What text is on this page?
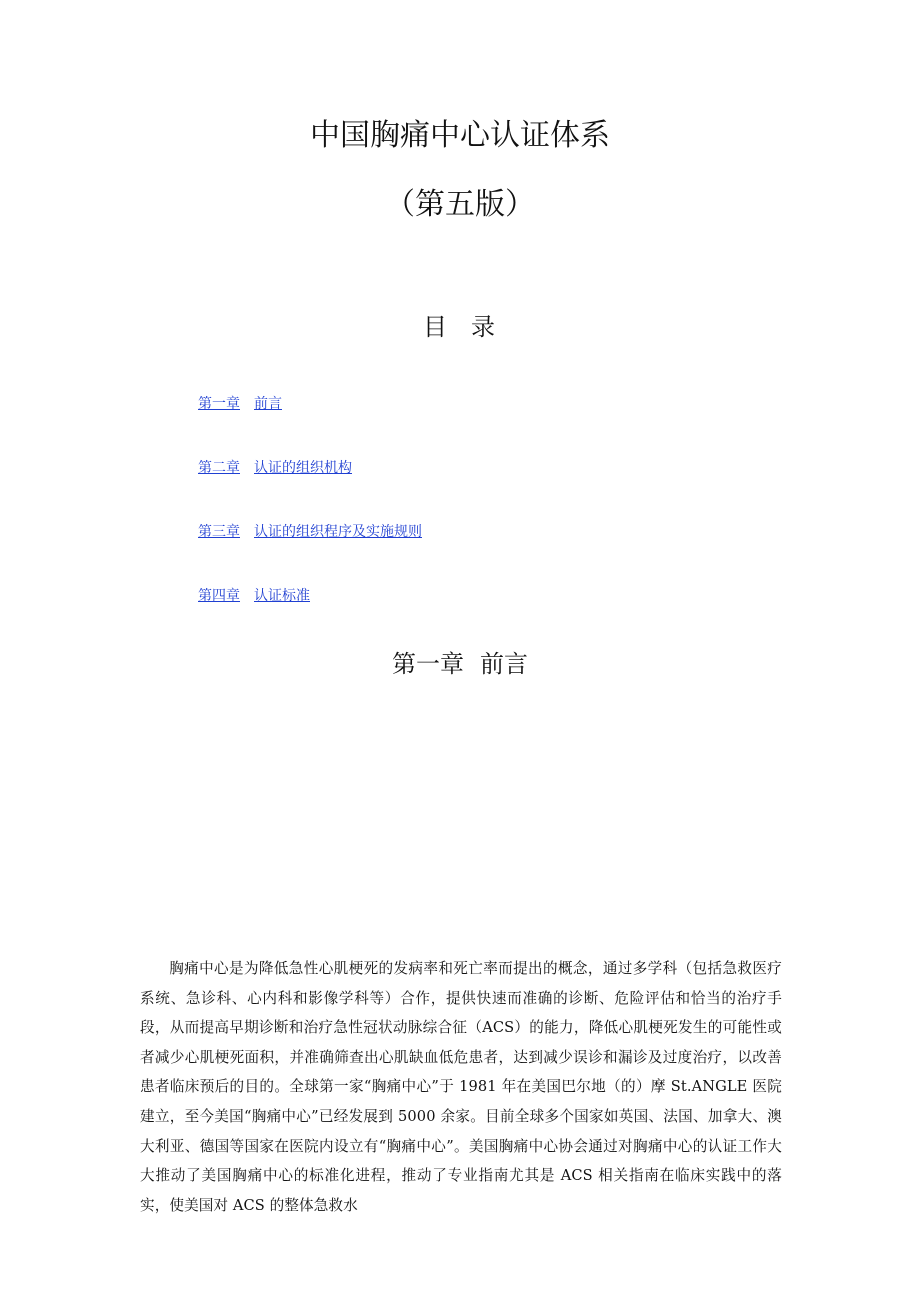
中国胸痛中心认证体系
（第五版）
目 录
第一章 前言
第二章 认证的组织机构
第三章 认证的组织程序及实施规则
第四章 认证标准
第一章 前言

胸痛中心是为降低急性心肌梗死的发病率和死亡率而提出的概念，通过多学科（包括急救医疗系统、急诊科、心内科和影像学科等）合作，提供快速而准确的诊断、危险评估和恰当的治疗手段，从而提高早期诊断和治疗急性冠状动脉综合征（ACS）的能力，降低心肌梗死发生的可能性或者减少心肌梗死面积，并准确筛查出心肌缺血低危患者，达到减少误诊和漏诊及过度治疗，以改善患者临床预后的目的。全球第一家“胸痛中心”于 1981 年在美国巴尔地（的）摩 St.ANGLE 医院建立，至今美国“胸痛中心”已经发展到 5000 余家。目前全球多个国家如英国、法国、加拿大、澳大利亚、德国等国家在医院内设立有“胸痛中心”。美国胸痛中心协会通过对胸痛中心的认证工作大大推动了美国胸痛中心的标准化进程，推动了专业指南尤其是 ACS 相关指南在临床实践中的落实，使美国对 ACS 的整体急救水
